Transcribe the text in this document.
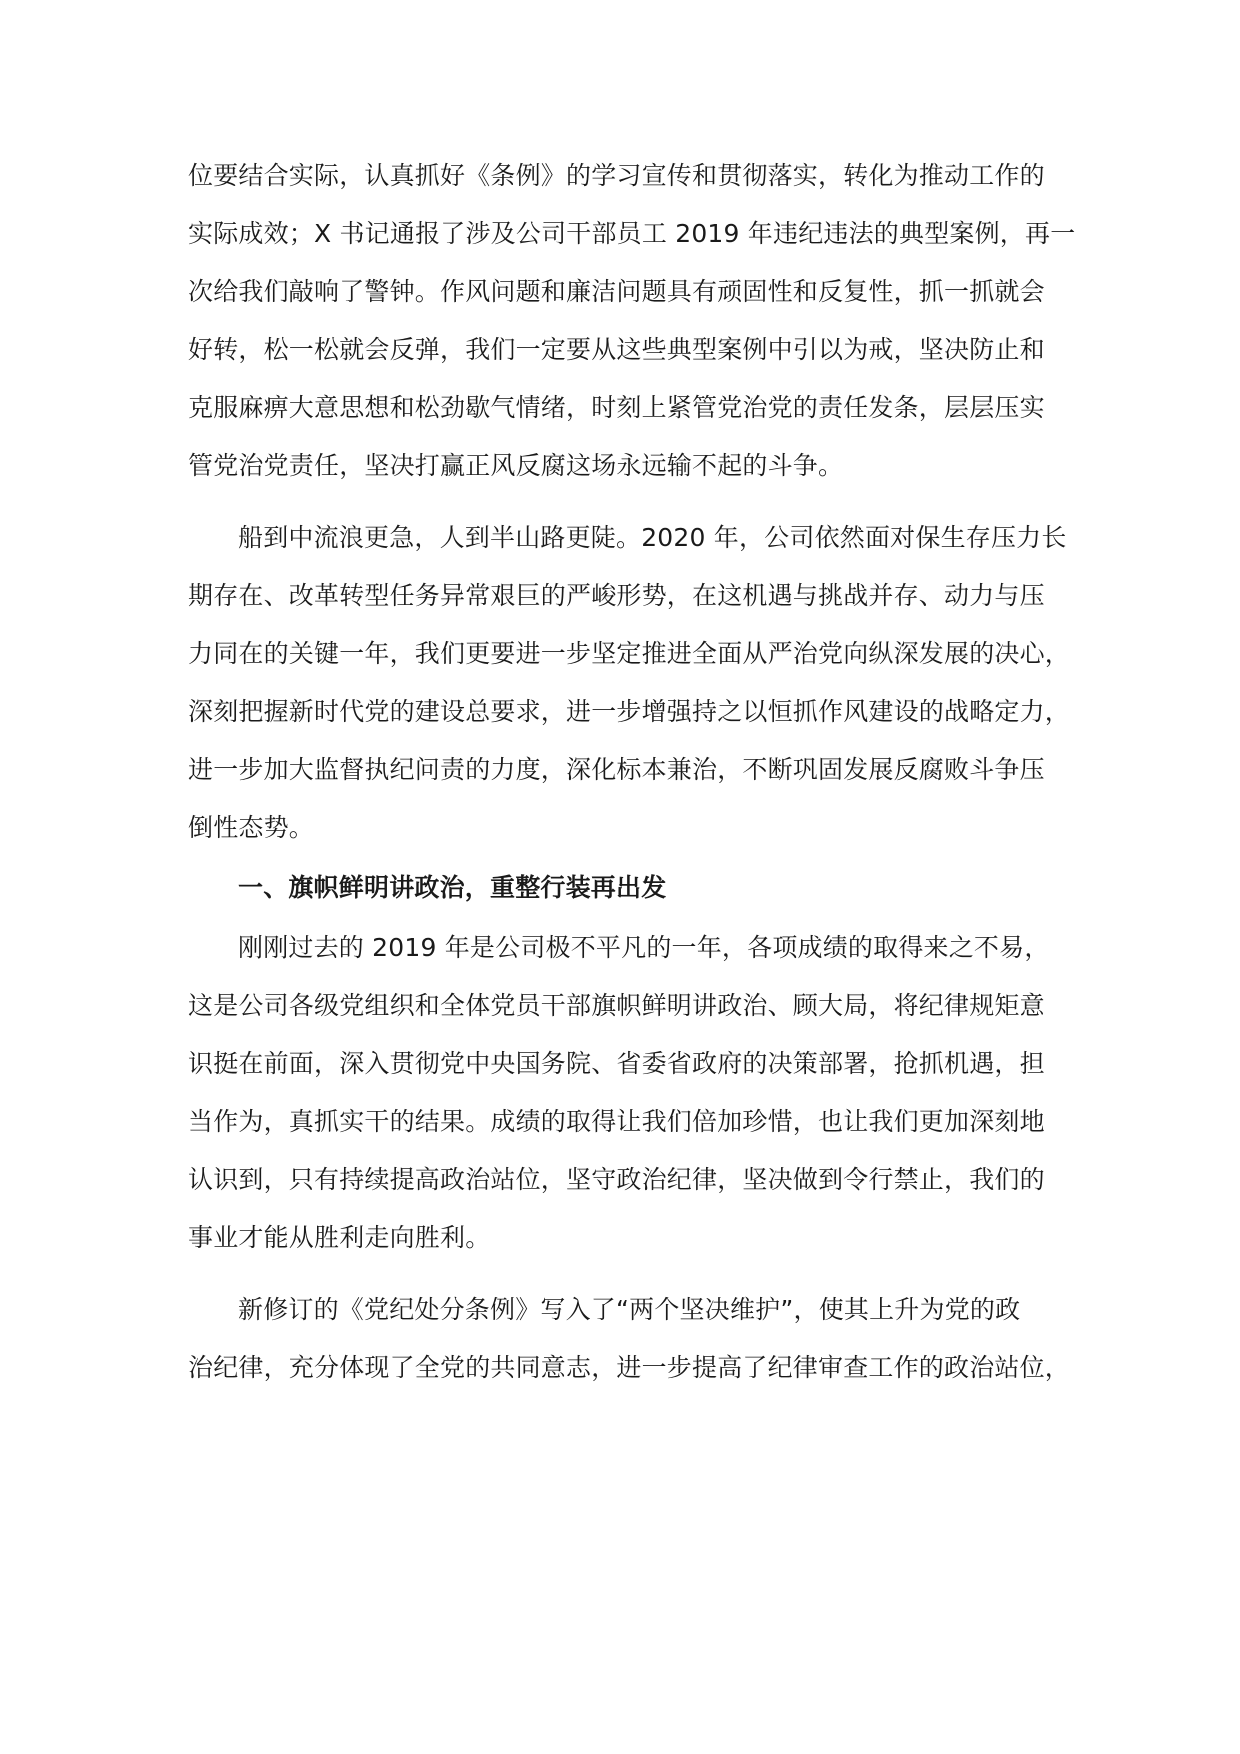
位要结合实际，认真抓好《条例》的学习宣传和贯彻落实，转化为推动工作的
实际成效；X 书记通报了涉及公司干部员工 2019 年违纪违法的典型案例，再一
次给我们敲响了警钟。作风问题和廉洁问题具有顽固性和反复性，抓一抓就会
好转，松一松就会反弹，我们一定要从这些典型案例中引以为戒，坚决防止和
克服麻痹大意思想和松劲歇气情绪，时刻上紧管党治党的责任发条，层层压实
管党治党责任，坚决打赢正风反腐这场永远输不起的斗争。
船到中流浪更急，人到半山路更陡。2020 年，公司依然面对保生存压力长
期存在、改革转型任务异常艰巨的严峻形势，在这机遇与挑战并存、动力与压
力同在的关键一年，我们更要进一步坚定推进全面从严治党向纵深发展的决心，
深刻把握新时代党的建设总要求，进一步增强持之以恒抓作风建设的战略定力，
进一步加大监督执纪问责的力度，深化标本兼治，不断巩固发展反腐败斗争压
倒性态势。
一、旗帜鲜明讲政治，重整行装再出发
刚刚过去的 2019 年是公司极不平凡的一年，各项成绩的取得来之不易，
这是公司各级党组织和全体党员干部旗帜鲜明讲政治、顾大局，将纪律规矩意
识挺在前面，深入贯彻党中央国务院、省委省政府的决策部署，抢抓机遇，担
当作为，真抓实干的结果。成绩的取得让我们倍加珍惜，也让我们更加深刻地
认识到，只有持续提高政治站位，坚守政治纪律，坚决做到令行禁止，我们的
事业才能从胜利走向胜利。
新修订的《党纪处分条例》写入了“两个坚决维护”，使其上升为党的政
治纪律，充分体现了全党的共同意志，进一步提高了纪律审查工作的政治站位，
